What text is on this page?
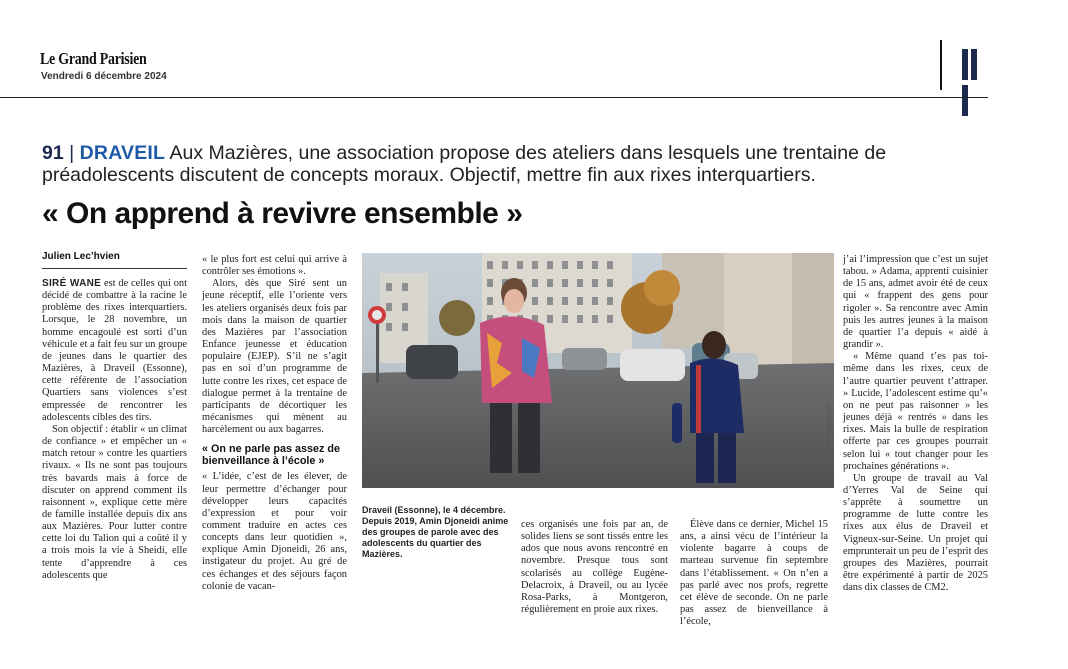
Le Grand Parisien
Vendredi 6 décembre 2024
91 | DRAVEIL Aux Mazières, une association propose des ateliers dans lesquels une trentaine de préadolescents discutent de concepts moraux. Objectif, mettre fin aux rixes interquartiers.
« On apprend à revivre ensemble »
Julien Lec’hvien

SIRÉ WANE est de celles qui ont décidé de combattre à la racine le problème des rixes interquartiers. Lorsque, le 28 novembre, un homme encagoulé est sorti d’un véhicule et a fait feu sur un groupe de jeunes dans le quartier des Mazières, à Draveil (Essonne), cette référente de l’association Quartiers sans violences s’est empressée de rencontrer les adolescents cibles des tirs.

Son objectif : établir « un climat de confiance » et empêcher un « match retour » contre les quartiers rivaux. « Ils ne sont pas toujours très bavards mais à force de discuter on apprend comment ils raisonnent », explique cette mère de famille installée depuis dix ans aux Mazières. Pour lutter contre cette loi du Talion qui a coûté il y a trois mois la vie à Sheidi, elle tente d’apprendre à ces adolescents que

« le plus fort est celui qui arrive à contrôler ses émotions ».

Alors, dès que Siré sent un jeune réceptif, elle l’oriente vers les ateliers organisés deux fois par mois dans la maison de quartier des Mazières par l’association Enfance jeunesse et éducation populaire (EJEP). S’il ne s’agit pas en soi d’un programme de lutte contre les rixes, cet espace de dialogue permet à la trentaine de participants de décortiquer les mécanismes qui mènent au harcèlement ou aux bagarres.

« On ne parle pas assez de bienveillance à l’école »

« L’idée, c’est de les élever, de leur permettre d’échanger pour développer leurs capacités d’expression et pour voir comment traduire en actes ces concepts dans leur quotidien », explique Amin Djoneidi, 26 ans, instigateur du projet. Au gré de ces échanges et des séjours façon colonie de vacan-

Isabelle Cerroni/LP
Draveil (Essonne), le 4 décembre. Depuis 2019, Amin Djoneidi anime des groupes de parole avec des adolescents du quartier des Mazières.

ces organisés une fois par an, de solides liens se sont tissés entre les ados que nous avons rencontré en novembre. Presque tous sont scolarisés au collège Eugène-Delacroix, à Draveil, ou au lycée Rosa-Parks, à Montgeron, régulièrement en proie aux rixes.

Élève dans ce dernier, Michel 15 ans, a ainsi vécu de l’intérieur la violente bagarre à coups de marteau survenue fin septembre dans l’établissement. « On n’en a pas parlé avec nos profs, regrette cet élève de seconde. On ne parle pas assez de bienveillance à l’école,

j’ai l’impression que c’est un sujet tabou. » Adama, apprenti cuisinier de 15 ans, admet avoir été de ceux qui « frappent des gens pour rigoler ». Sa rencontre avec Amin puis les autres jeunes à la maison de quartier l’a depuis « aidé à grandir ».

« Même quand t’es pas toi-même dans les rixes, ceux de l’autre quartier peuvent t’attraper. » Lucide, l’adolescent estime qu’« on ne peut pas raisonner » les jeunes déjà « rentrés » dans les rixes. Mais la bulle de respiration offerte par ces groupes pourrait selon lui « tout changer pour les prochaines générations ».

Un groupe de travail au Val d’Yerres Val de Seine qui s’apprête à soumettre un programme de lutte contre les rixes aux élus de Draveil et Vigneux-sur-Seine. Un projet qui emprunterait un peu de l’esprit des groupes des Mazières, pourrait être expérimenté à partir de 2025 dans dix classes de CM2.
